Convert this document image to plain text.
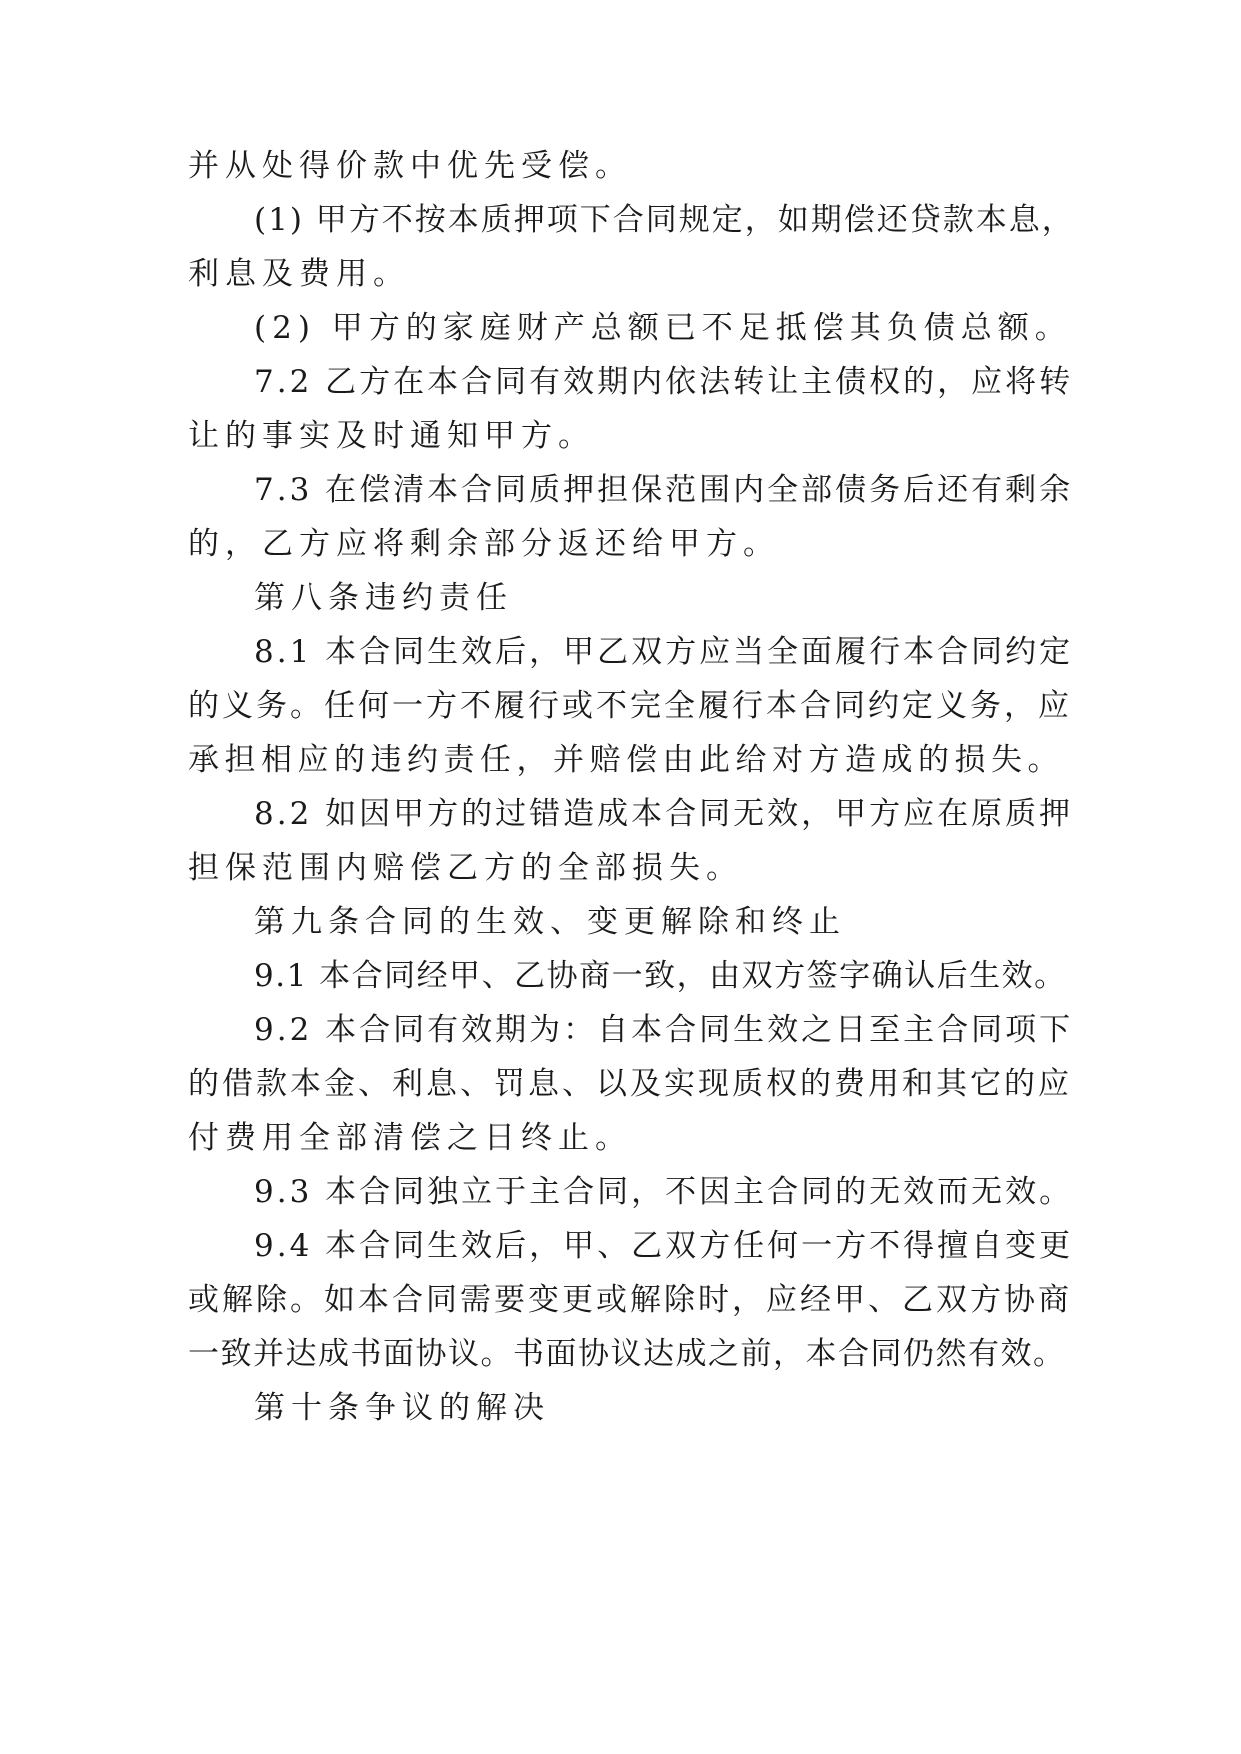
并从处得价款中优先受偿。
(1) 甲方不按本质押项下合同规定，如期偿还贷款本息，
利息及费用。
(2) 甲方的家庭财产总额已不足抵偿其负债总额。
7.2 乙方在本合同有效期内依法转让主债权的，应将转
让的事实及时通知甲方。
7.3 在偿清本合同质押担保范围内全部债务后还有剩余
的，乙方应将剩余部分返还给甲方。
第八条违约责任
8.1 本合同生效后，甲乙双方应当全面履行本合同约定
的义务。任何一方不履行或不完全履行本合同约定义务，应
承担相应的违约责任，并赔偿由此给对方造成的损失。
8.2 如因甲方的过错造成本合同无效，甲方应在原质押
担保范围内赔偿乙方的全部损失。
第九条合同的生效、变更解除和终止
9.1 本合同经甲、乙协商一致，由双方签字确认后生效。
9.2 本合同有效期为：自本合同生效之日至主合同项下
的借款本金、利息、罚息、以及实现质权的费用和其它的应
付费用全部清偿之日终止。
9.3 本合同独立于主合同，不因主合同的无效而无效。
9.4 本合同生效后，甲、乙双方任何一方不得擅自变更
或解除。如本合同需要变更或解除时，应经甲、乙双方协商
一致并达成书面协议。书面协议达成之前，本合同仍然有效。
第十条争议的解决
